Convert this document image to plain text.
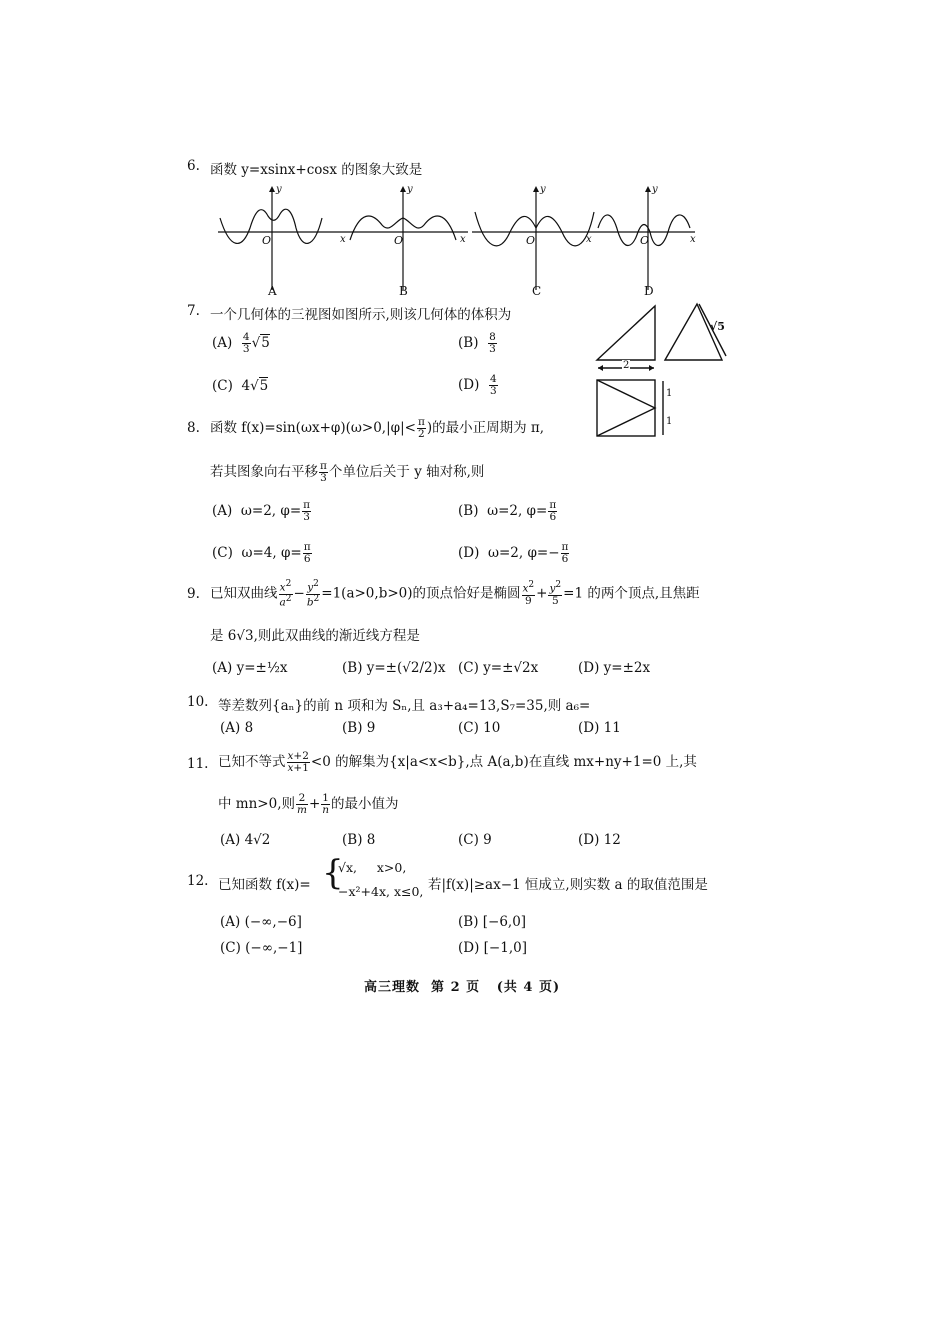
6. 函数 y=xsinx+cosx 的图象大致是
y
O	x
A
y
O	x
B
y
O	x
C
y
O	x
D
7. 一个几何体的三视图如图所示,则该几何体的体积为
$(A) \frac{4}{3} √5$	$(B) \frac{8}{3}$
(C) 4√5	$(D) \frac{4}{3}$
2
√5
1
1
8. 函数 $f(x)=\sin(\omega x+\varphi)(\omega>0,|\varphi|< \frac{\pi}{2}$ )的最小正周期为 π,
若其图象向右平移 $\frac{\pi}{3}$ 个单位后关于 y 轴对称,则
(A) ω=2, $\varphi= \frac{\pi}{3}$	(B) ω=2, $\varphi= \frac{\pi}{6}$
(C) ω=4, $\varphi= \frac{\pi}{6}$	(D) ω=2, $\varphi=- \frac{\pi}{6}$
9. 已知双曲线 $\frac{x^2}{a^2} - \frac{y^2}{b^2} =1(a>0,b>0)$的顶点恰好是椭圆 $\frac{x^2}{9} + \frac{y^2}{5} =1$ 的两个顶点,且焦距
是 6√3,则此双曲线的渐近线方程是
(A) y=±½x	(B) y=±(√2/2)x (C) y=±√2x	(D) y=±2x
10. 等差数列{aₙ}的前 n 项和为 Sₙ,且 a₃+a₄=13,S₇=35,则 a₆=
(A) 8	(B) 9	(C) 10	(D) 11
11. 已知不等式 $\frac{x+2}{x+1} <0$ 的解集为{x|a<x<b},点 A(a,b)在直线 mx+ny+1=0 上,其
中 mn>0,则 $\frac{2}{m} + \frac{1}{n}$ 的最小值为
(A) 4√2	(B) 8	(C) 9	(D) 12
12. 已知函数 f(x)= {
√x,     x>0,
−x²+4x, x≤0, 若|f(x)|≥ax−1 恒成立,则实数 a 的取值范围是
(A) (−∞,−6]	(B) [−6,0]
(C) (−∞,−1]	(D) [−1,0]
高三理数  第 2 页   (共 4 页)
